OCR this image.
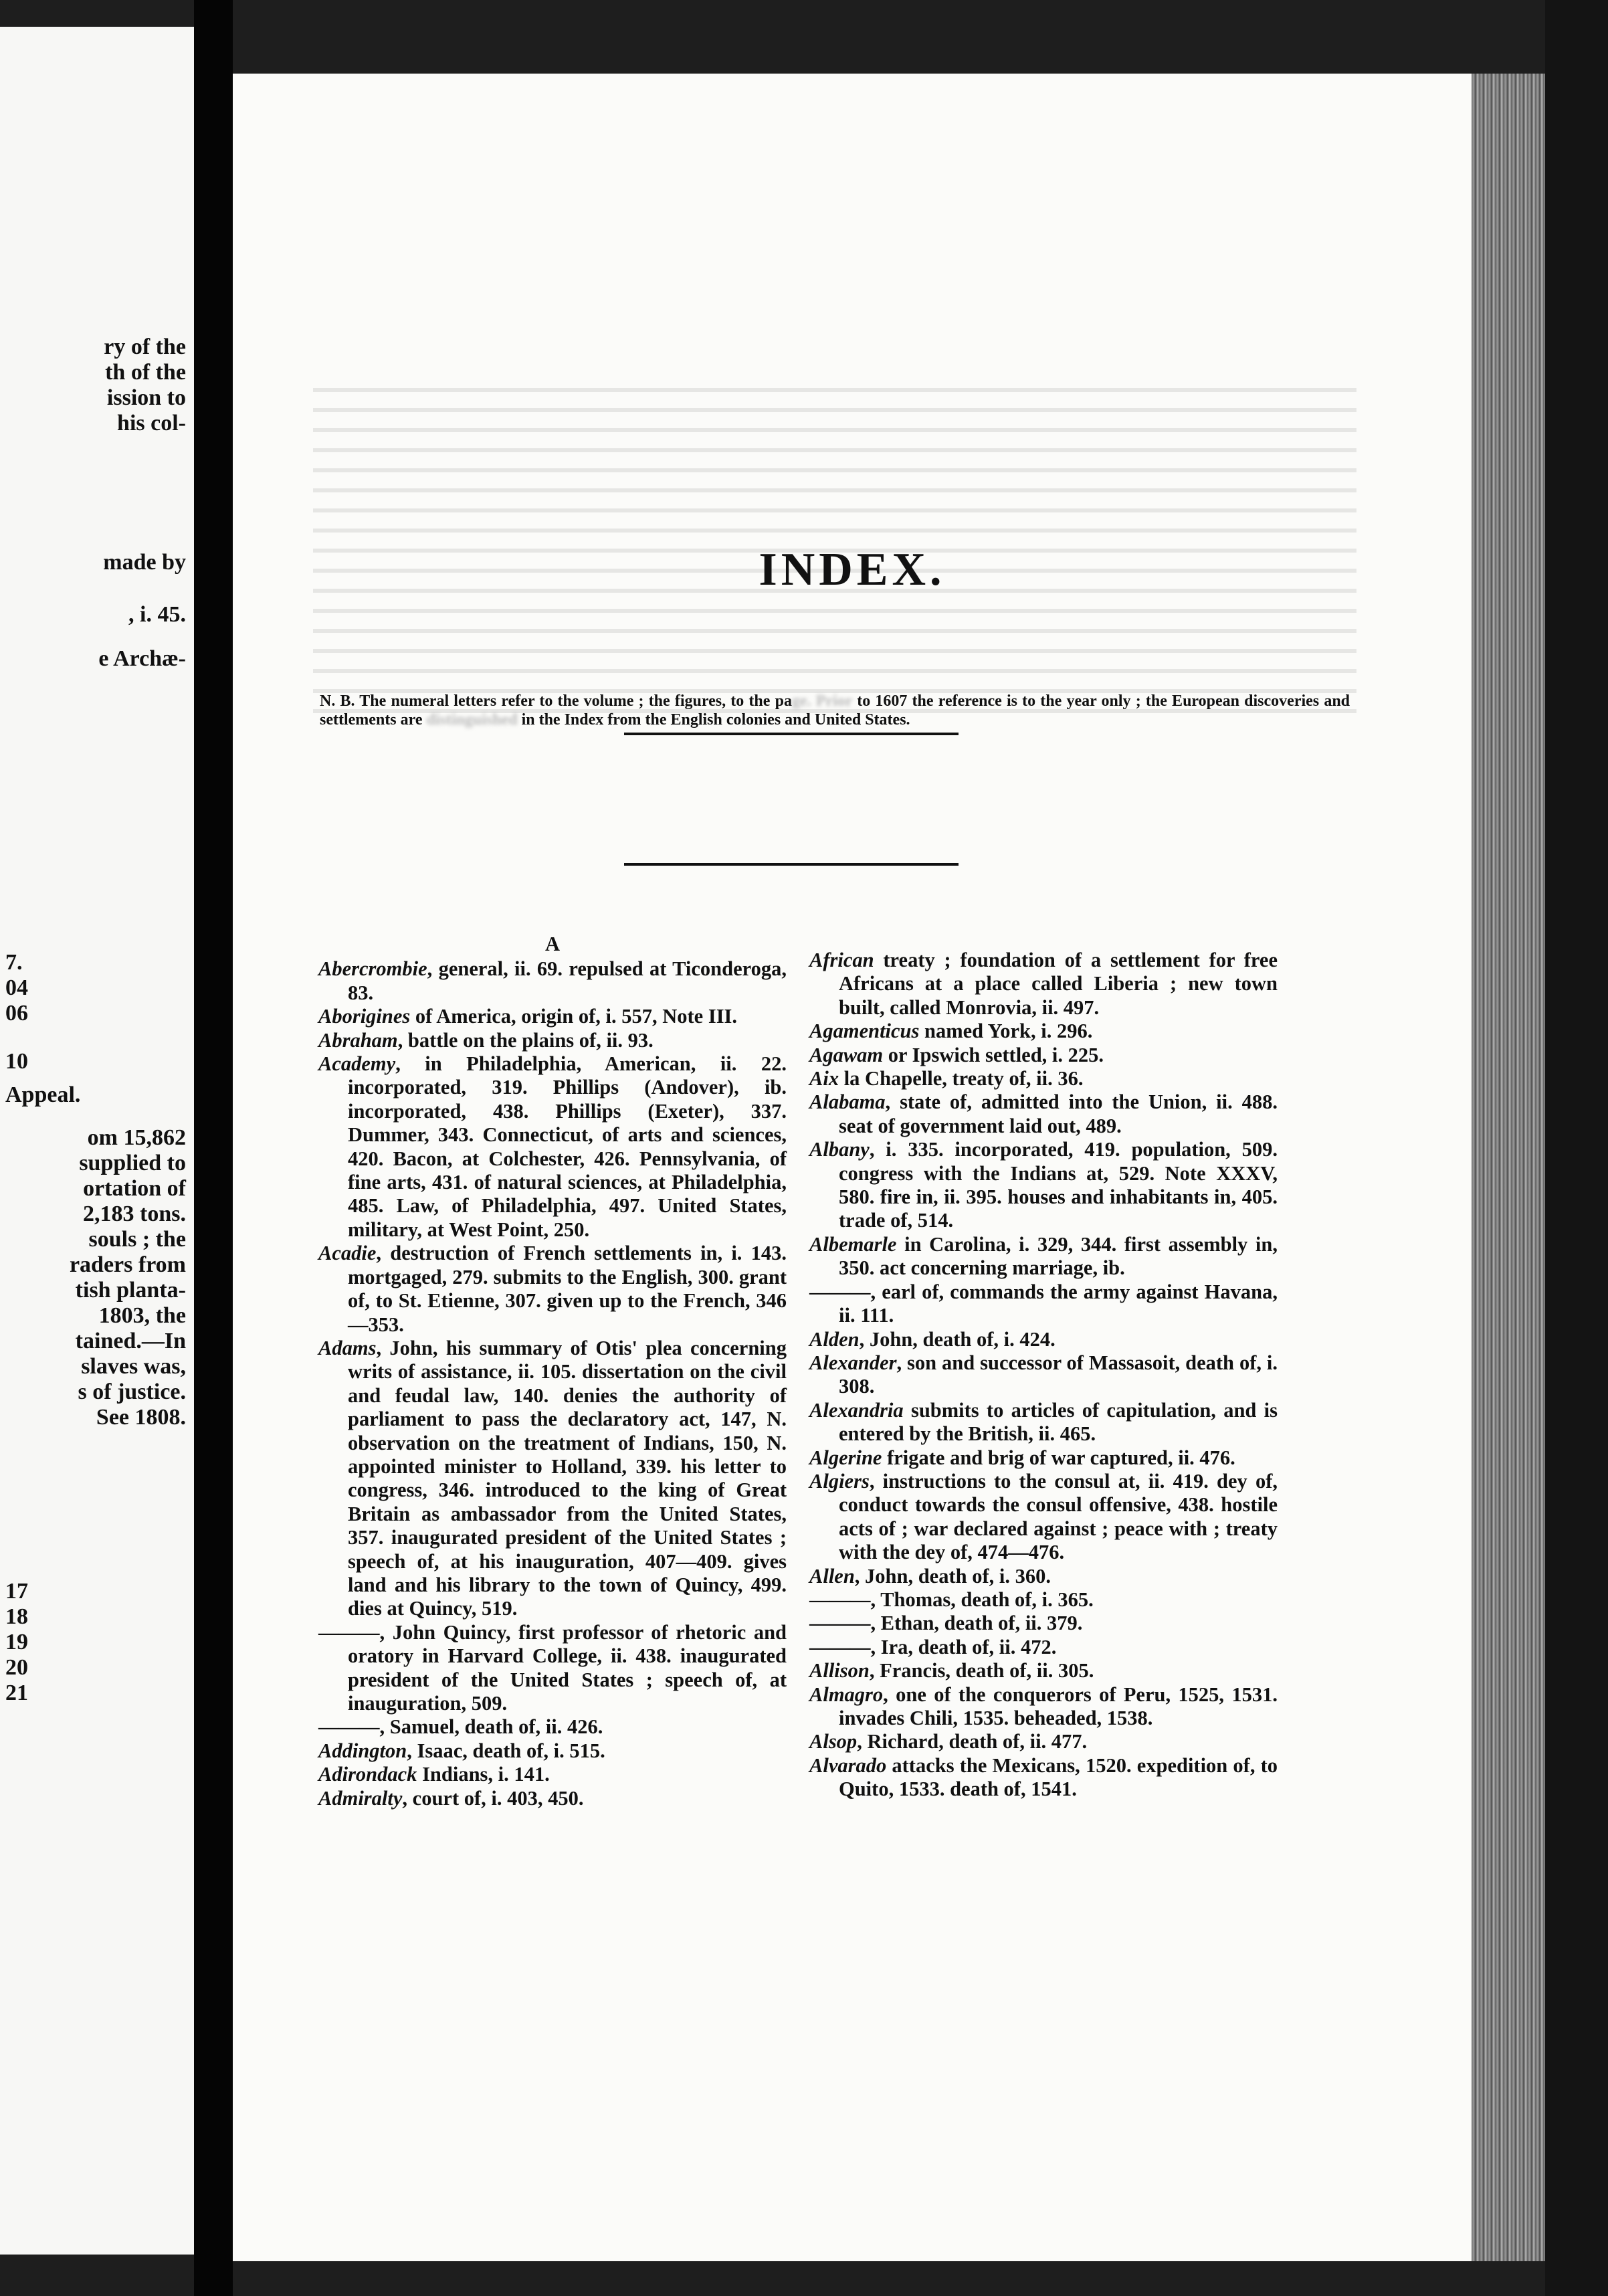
ry of the
th of the
ission to
his col-
made by
, i. 45.
e Archæ-
7.
04
06
10
Appeal.
om 15,862
supplied to
ortation of
2,183 tons.
souls ; the
raders from
tish planta-
1803, the
tained.—In
slaves was,
s of justice.
See 1808.
17
18
19
20
21
INDEX.
N. B. The numeral letters refer to the volume ; the figures, to the page. Prior to 1607 the reference is to the year only ; the European discoveries and settlements are distinguished in the Index from the English colonies and United States.
A

Abercrombie, general, ii. 69. repulsed at Ticonderoga, 83.

Aborigines of America, origin of, i. 557, Note III.

Abraham, battle on the plains of, ii. 93.

Academy, in Philadelphia, American, ii. 22. incorporated, 319. Phillips (Andover), ib. incorporated, 438. Phillips (Exeter), 337. Dummer, 343. Connecticut, of arts and sciences, 420. Bacon, at Colchester, 426. Pennsylvania, of fine arts, 431. of natural sciences, at Philadelphia, 485. Law, of Philadelphia, 497. United States, military, at West Point, 250.

Acadie, destruction of French settlements in, i. 143. mortgaged, 279. submits to the English, 300. grant of, to St. Etienne, 307. given up to the French, 346—353.

Adams, John, his summary of Otis' plea concerning writs of assistance, ii. 105. dissertation on the civil and feudal law, 140. denies the authority of parliament to pass the declaratory act, 147, N. observation on the treatment of Indians, 150, N. appointed minister to Holland, 339. his letter to congress, 346. introduced to the king of Great Britain as ambassador from the United States, 357. inaugurated president of the United States ; speech of, at his inauguration, 407—409. gives land and his library to the town of Quincy, 499. dies at Quincy, 519.

———, John Quincy, first professor of rhetoric and oratory in Harvard College, ii. 438. inaugurated president of the United States ; speech of, at inauguration, 509.

———, Samuel, death of, ii. 426.

Addington, Isaac, death of, i. 515.

Adirondack Indians, i. 141.

Admiralty, court of, i. 403, 450.

African treaty ; foundation of a settlement for free Africans at a place called Liberia ; new town built, called Monrovia, ii. 497.

Agamenticus named York, i. 296.

Agawam or Ipswich settled, i. 225.

Aix la Chapelle, treaty of, ii. 36.

Alabama, state of, admitted into the Union, ii. 488. seat of government laid out, 489.

Albany, i. 335. incorporated, 419. population, 509. congress with the Indians at, 529. Note XXXV, 580. fire in, ii. 395. houses and inhabitants in, 405. trade of, 514.

Albemarle in Carolina, i. 329, 344. first assembly in, 350. act concerning marriage, ib.

———, earl of, commands the army against Havana, ii. 111.

Alden, John, death of, i. 424.

Alexander, son and successor of Massasoit, death of, i. 308.

Alexandria submits to articles of capitulation, and is entered by the British, ii. 465.

Algerine frigate and brig of war captured, ii. 476.

Algiers, instructions to the consul at, ii. 419. dey of, conduct towards the consul offensive, 438. hostile acts of ; war declared against ; peace with ; treaty with the dey of, 474—476.

Allen, John, death of, i. 360.

———, Thomas, death of, i. 365.

———, Ethan, death of, ii. 379.

———, Ira, death of, ii. 472.

Allison, Francis, death of, ii. 305.

Almagro, one of the conquerors of Peru, 1525, 1531. invades Chili, 1535. beheaded, 1538.

Alsop, Richard, death of, ii. 477.

Alvarado attacks the Mexicans, 1520. expedition of, to Quito, 1533. death of, 1541.
